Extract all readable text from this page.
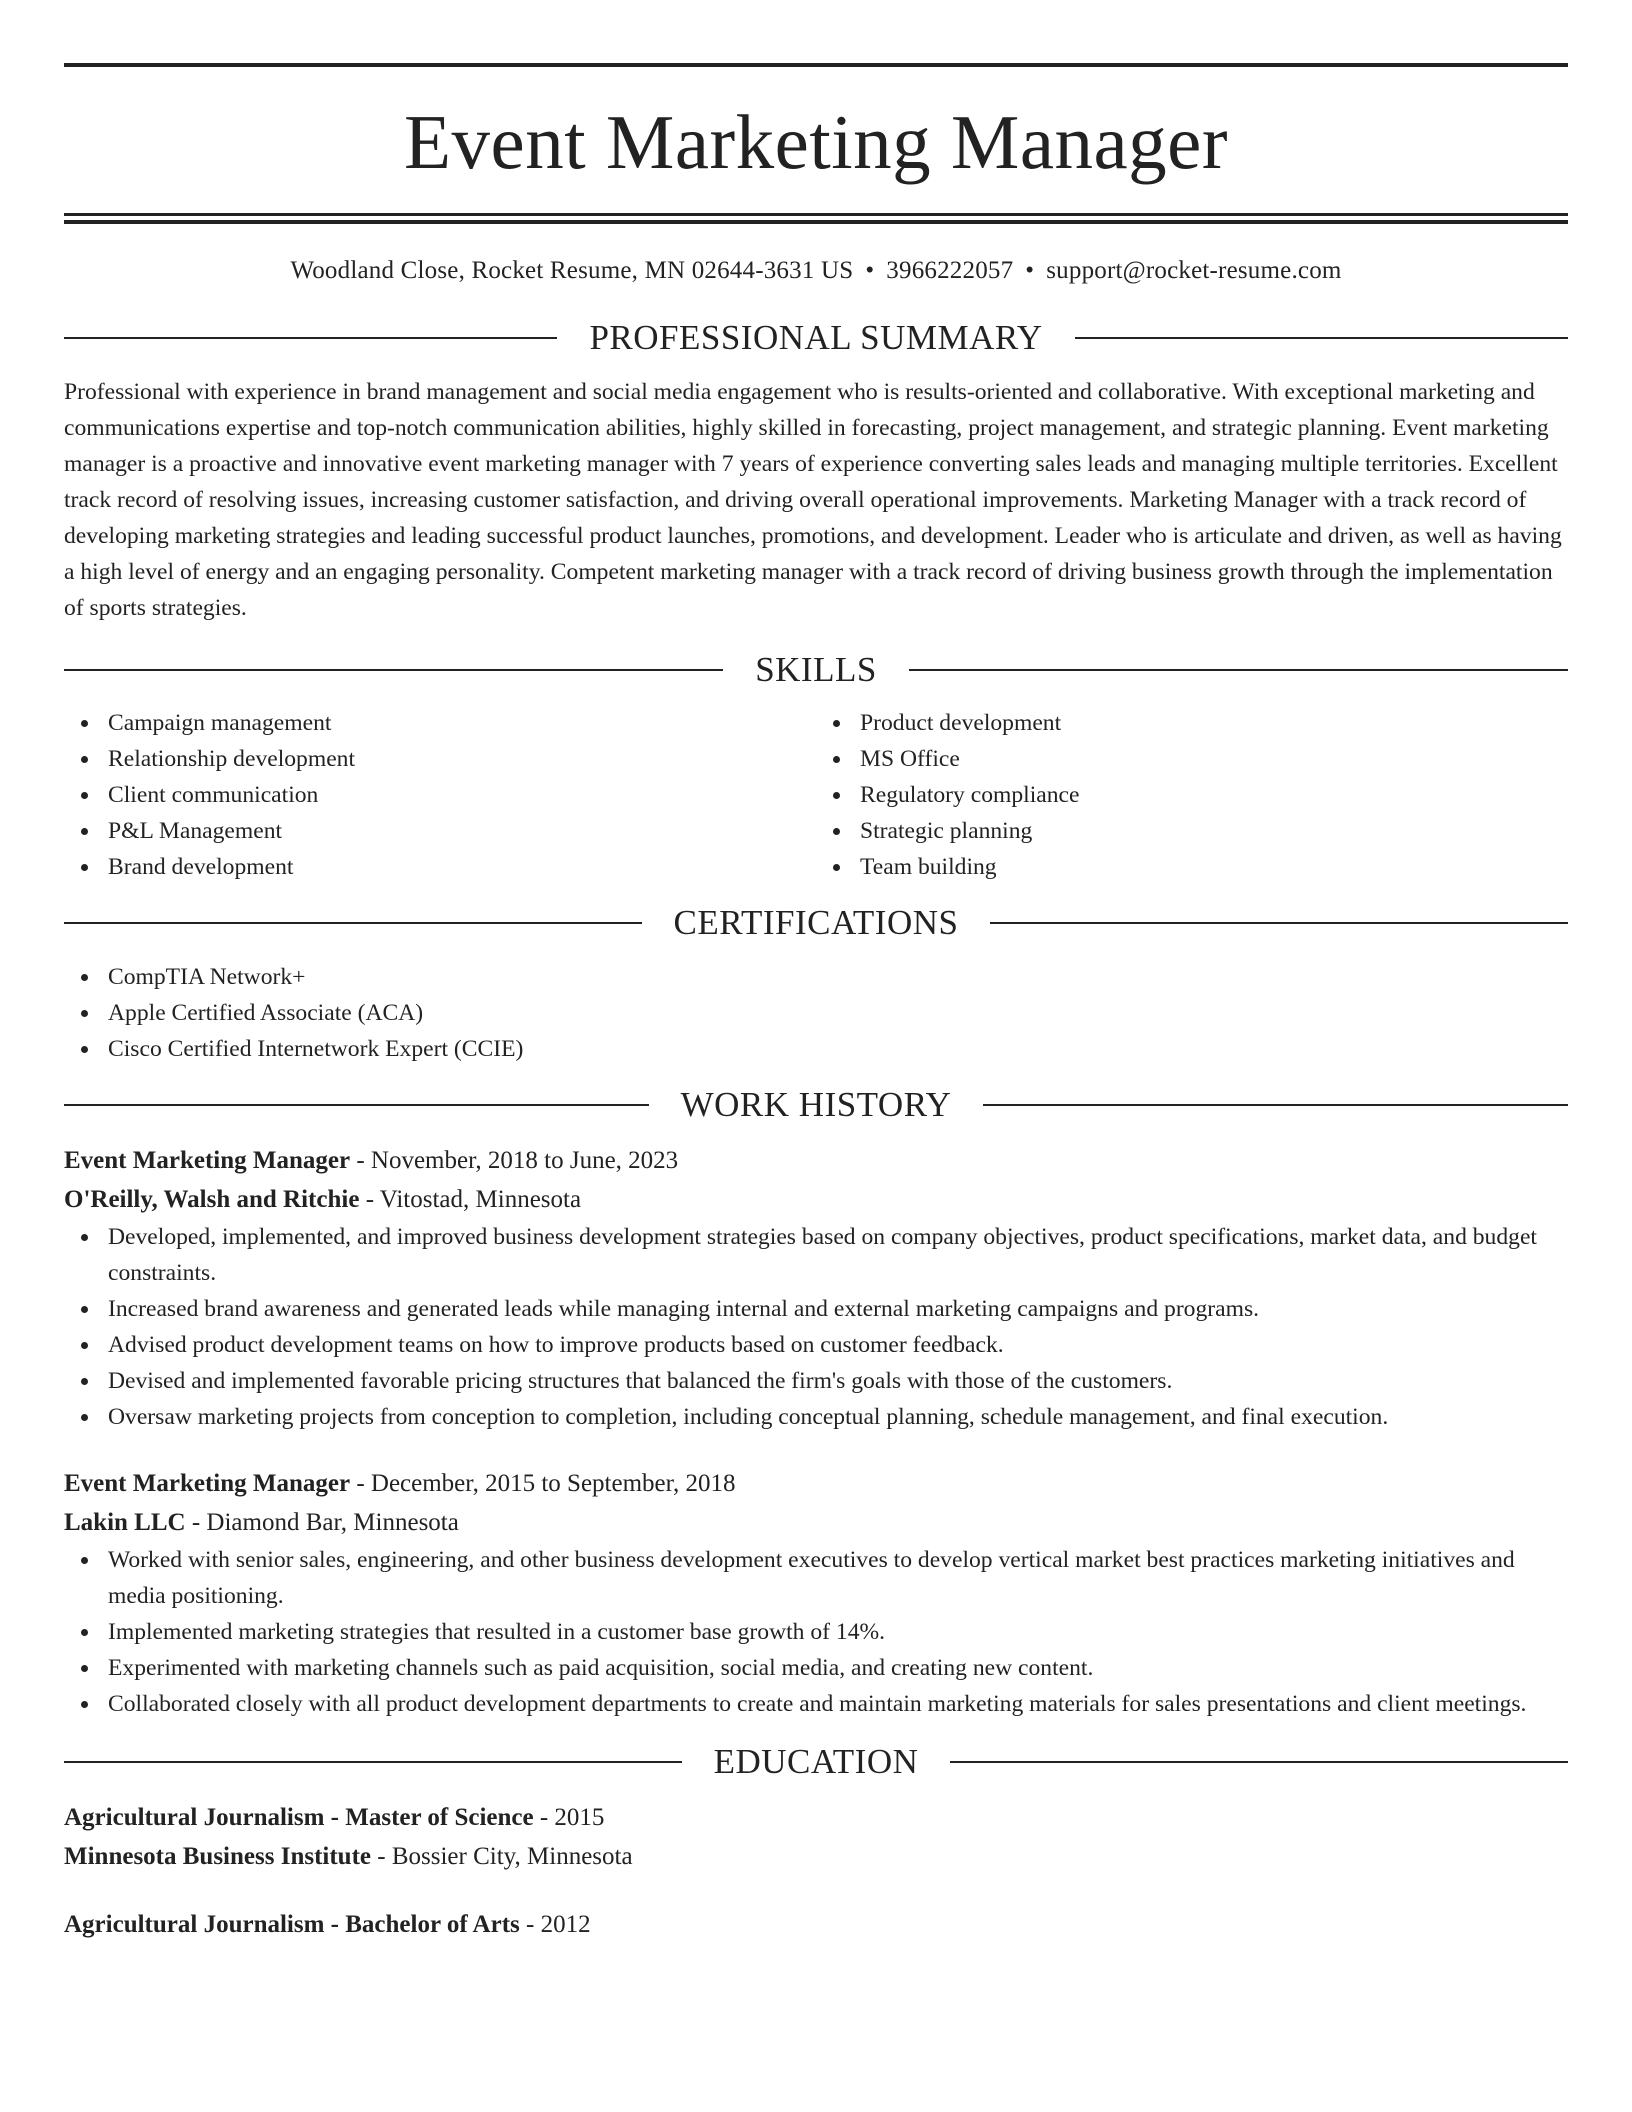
Event Marketing Manager
Woodland Close, Rocket Resume, MN 02644-3631 US • 3966222057 • support@rocket-resume.com
PROFESSIONAL SUMMARY
Professional with experience in brand management and social media engagement who is results-oriented and collaborative. With exceptional marketing and communications expertise and top-notch communication abilities, highly skilled in forecasting, project management, and strategic planning. Event marketing manager is a proactive and innovative event marketing manager with 7 years of experience converting sales leads and managing multiple territories. Excellent track record of resolving issues, increasing customer satisfaction, and driving overall operational improvements. Marketing Manager with a track record of developing marketing strategies and leading successful product launches, promotions, and development. Leader who is articulate and driven, as well as having a high level of energy and an engaging personality. Competent marketing manager with a track record of driving business growth through the implementation of sports strategies.
SKILLS
Campaign management
Relationship development
Client communication
P&L Management
Brand development
Product development
MS Office
Regulatory compliance
Strategic planning
Team building
CERTIFICATIONS
CompTIA Network+
Apple Certified Associate (ACA)
Cisco Certified Internetwork Expert (CCIE)
WORK HISTORY
Event Marketing Manager - November, 2018 to June, 2023
O'Reilly, Walsh and Ritchie - Vitostad, Minnesota
Developed, implemented, and improved business development strategies based on company objectives, product specifications, market data, and budget constraints.
Increased brand awareness and generated leads while managing internal and external marketing campaigns and programs.
Advised product development teams on how to improve products based on customer feedback.
Devised and implemented favorable pricing structures that balanced the firm's goals with those of the customers.
Oversaw marketing projects from conception to completion, including conceptual planning, schedule management, and final execution.
Event Marketing Manager - December, 2015 to September, 2018
Lakin LLC - Diamond Bar, Minnesota
Worked with senior sales, engineering, and other business development executives to develop vertical market best practices marketing initiatives and media positioning.
Implemented marketing strategies that resulted in a customer base growth of 14%.
Experimented with marketing channels such as paid acquisition, social media, and creating new content.
Collaborated closely with all product development departments to create and maintain marketing materials for sales presentations and client meetings.
EDUCATION
Agricultural Journalism - Master of Science - 2015
Minnesota Business Institute - Bossier City, Minnesota
Agricultural Journalism - Bachelor of Arts - 2012
